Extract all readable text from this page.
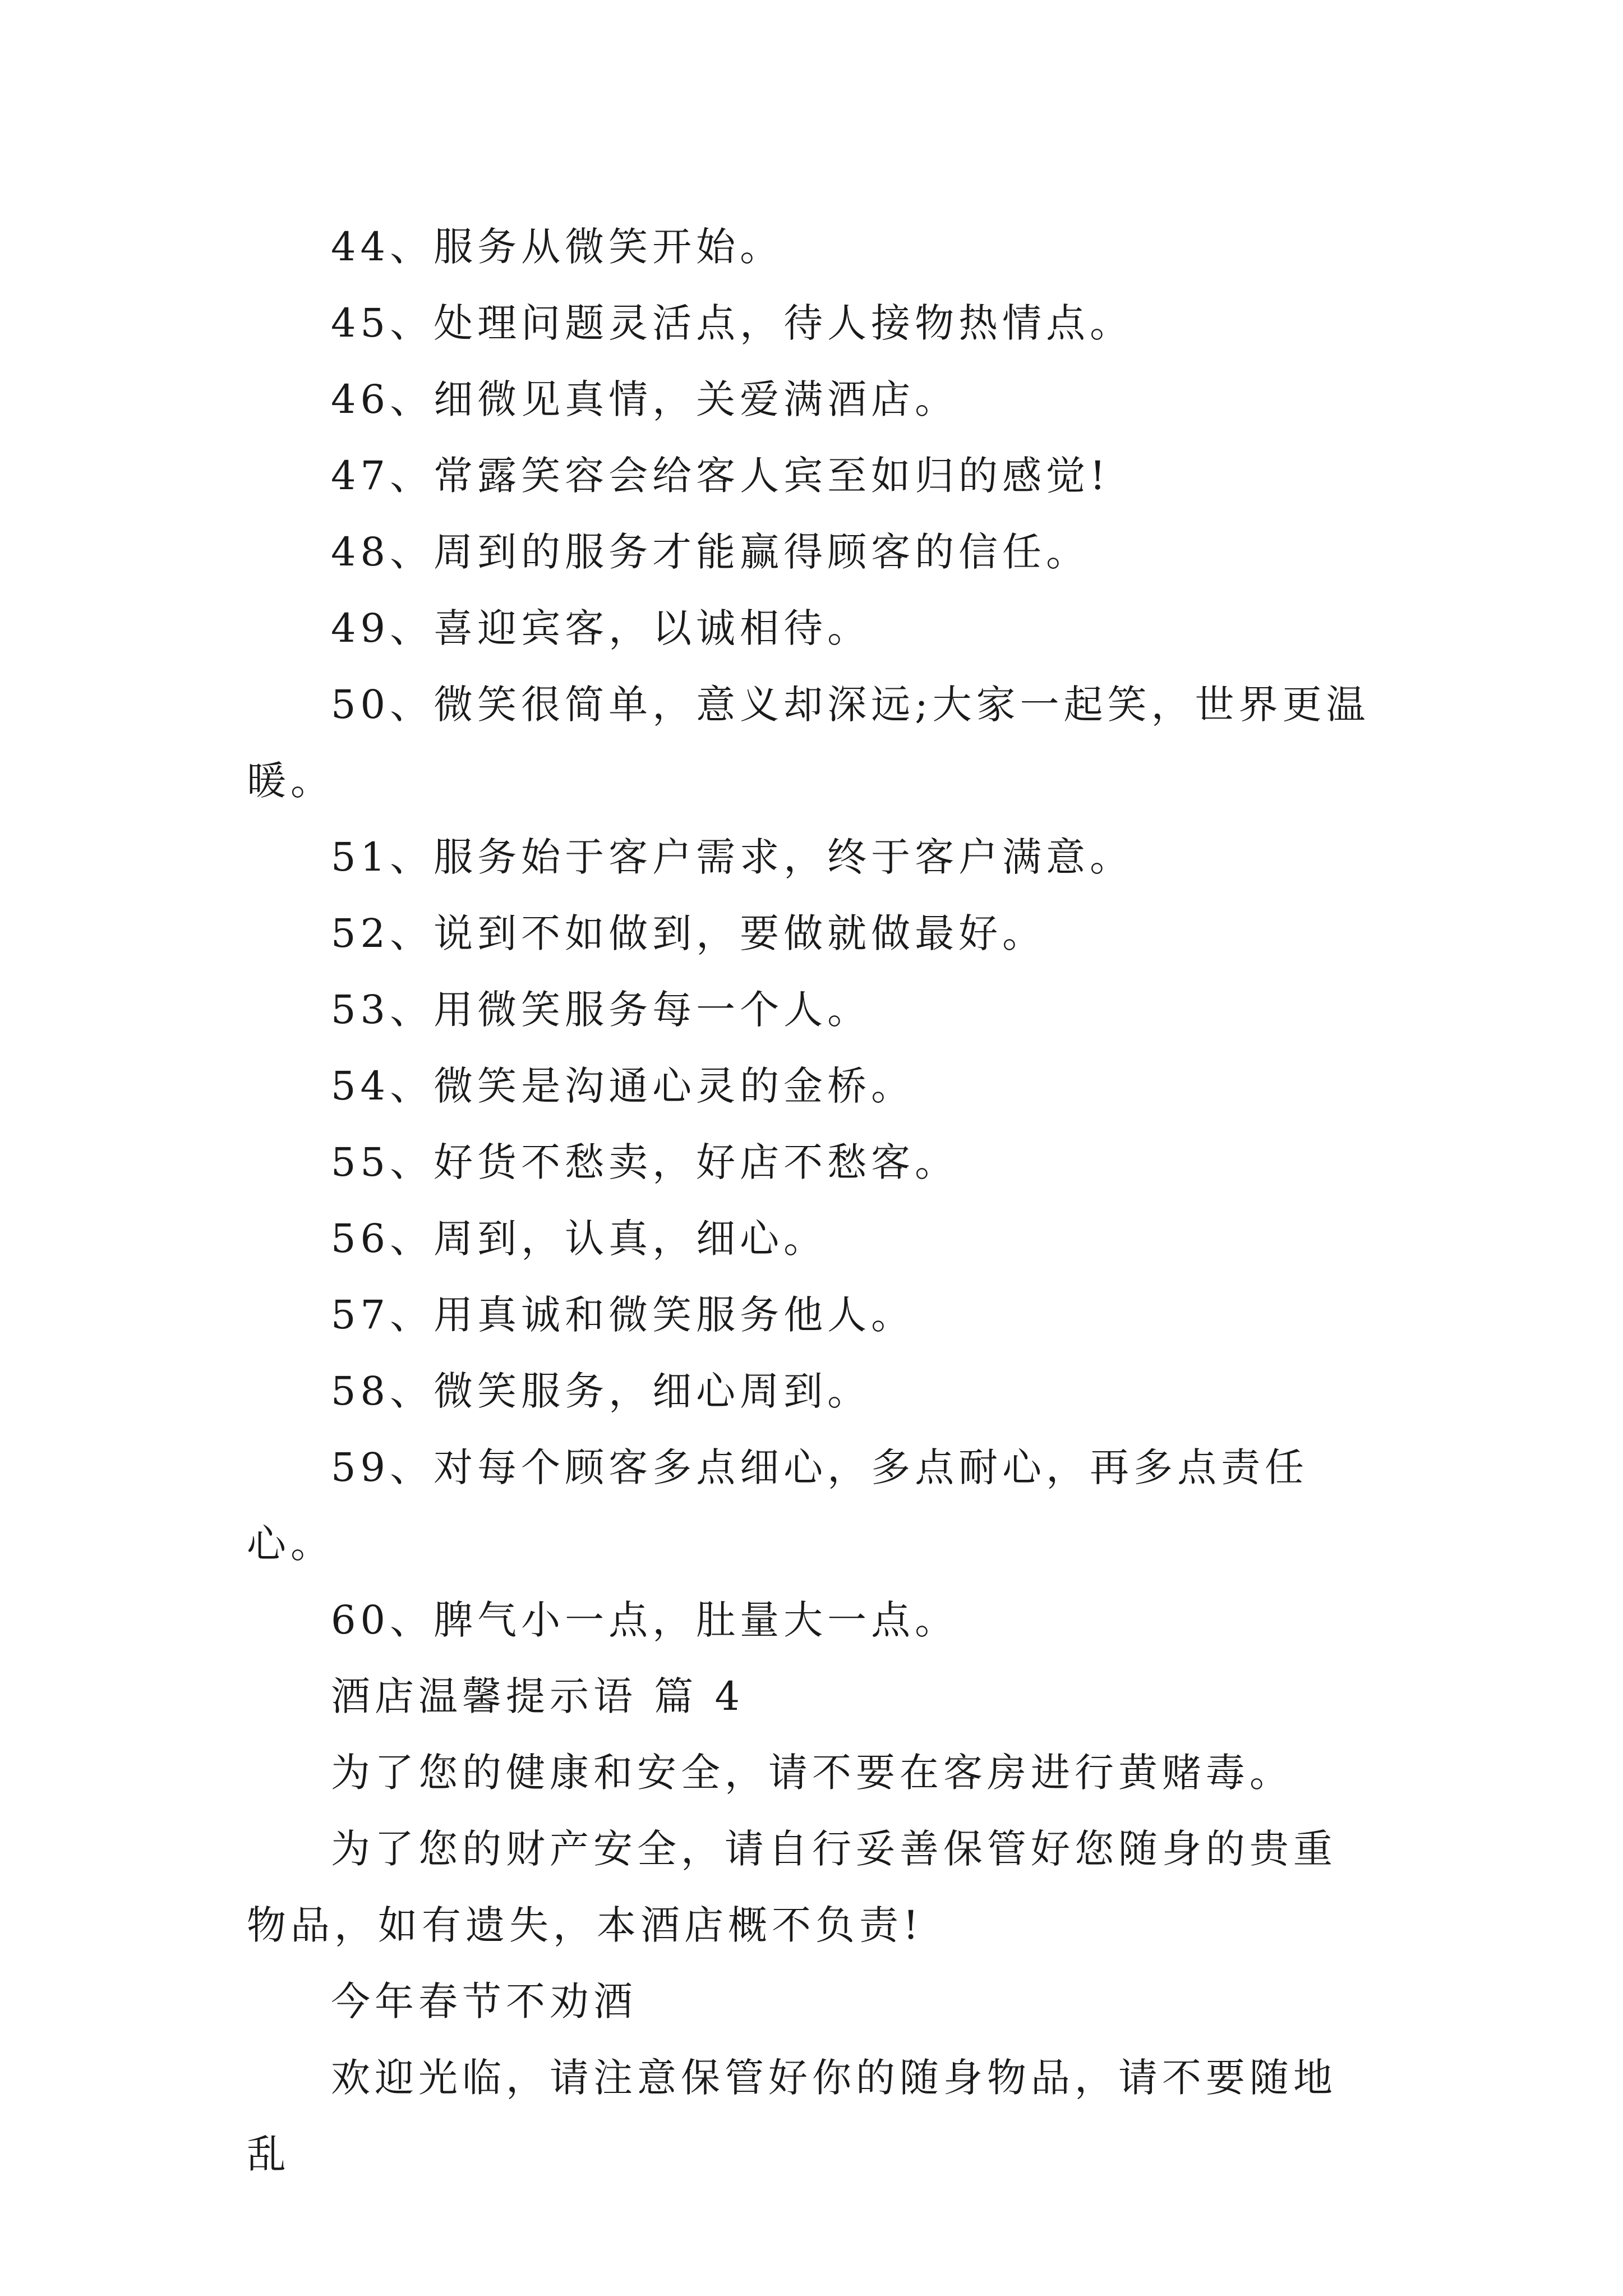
44、服务从微笑开始。

45、处理问题灵活点，待人接物热情点。

46、细微见真情，关爱满酒店。

47、常露笑容会给客人宾至如归的感觉!

48、周到的服务才能赢得顾客的信任。

49、喜迎宾客，以诚相待。

50、微笑很简单，意义却深远;大家一起笑，世界更温暖。

51、服务始于客户需求，终于客户满意。

52、说到不如做到，要做就做最好。

53、用微笑服务每一个人。

54、微笑是沟通心灵的金桥。

55、好货不愁卖，好店不愁客。

56、周到，认真，细心。

57、用真诚和微笑服务他人。

58、微笑服务，细心周到。

59、对每个顾客多点细心，多点耐心，再多点责任心。

60、脾气小一点，肚量大一点。

酒店温馨提示语 篇 4

为了您的健康和安全，请不要在客房进行黄赌毒。

为了您的财产安全，请自行妥善保管好您随身的贵重物品，如有遗失，本酒店概不负责!

今年春节不劝酒

欢迎光临，请注意保管好你的随身物品，请不要随地乱
